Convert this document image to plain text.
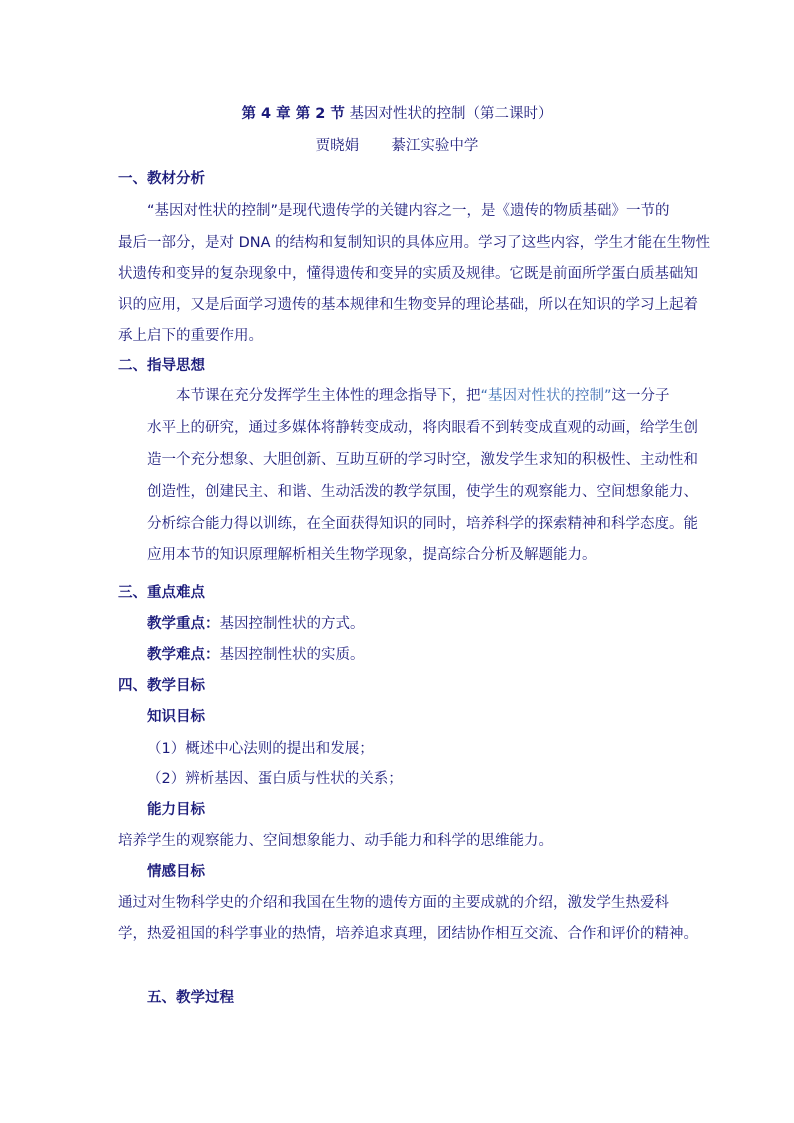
第 4 章 第 2 节 基因对性状的控制（第二课时）
贾晓娟       綦江实验中学
一、教材分析
“基因对性状的控制”是现代遗传学的关键内容之一，是《遗传的物质基础》一节的
最后一部分，是对 DNA 的结构和复制知识的具体应用。学习了这些内容，学生才能在生物性
状遗传和变异的复杂现象中，懂得遗传和变异的实质及规律。它既是前面所学蛋白质基础知
识的应用，又是后面学习遗传的基本规律和生物变异的理论基础，所以在知识的学习上起着
承上启下的重要作用。
二、指导思想
本节课在充分发挥学生主体性的理念指导下，把“基因对性状的控制”这一分子
水平上的研究，通过多媒体将静转变成动，将肉眼看不到转变成直观的动画，给学生创
造一个充分想象、大胆创新、互助互研的学习时空，激发学生求知的积极性、主动性和
创造性，创建民主、和谐、生动活泼的教学氛围，使学生的观察能力、空间想象能力、
分析综合能力得以训练，在全面获得知识的同时，培养科学的探索精神和科学态度。能
应用本节的知识原理解析相关生物学现象，提高综合分析及解题能力。
三、重点难点
教学重点：基因控制性状的方式。
教学难点：基因控制性状的实质。
四、教学目标
知识目标
（1）概述中心法则的提出和发展；
（2）辨析基因、蛋白质与性状的关系；
能力目标
培养学生的观察能力、空间想象能力、动手能力和科学的思维能力。
情感目标
通过对生物科学史的介绍和我国在生物的遗传方面的主要成就的介绍，激发学生热爱科
学，热爱祖国的科学事业的热情，培养追求真理，团结协作相互交流、合作和评价的精神。
五、教学过程
